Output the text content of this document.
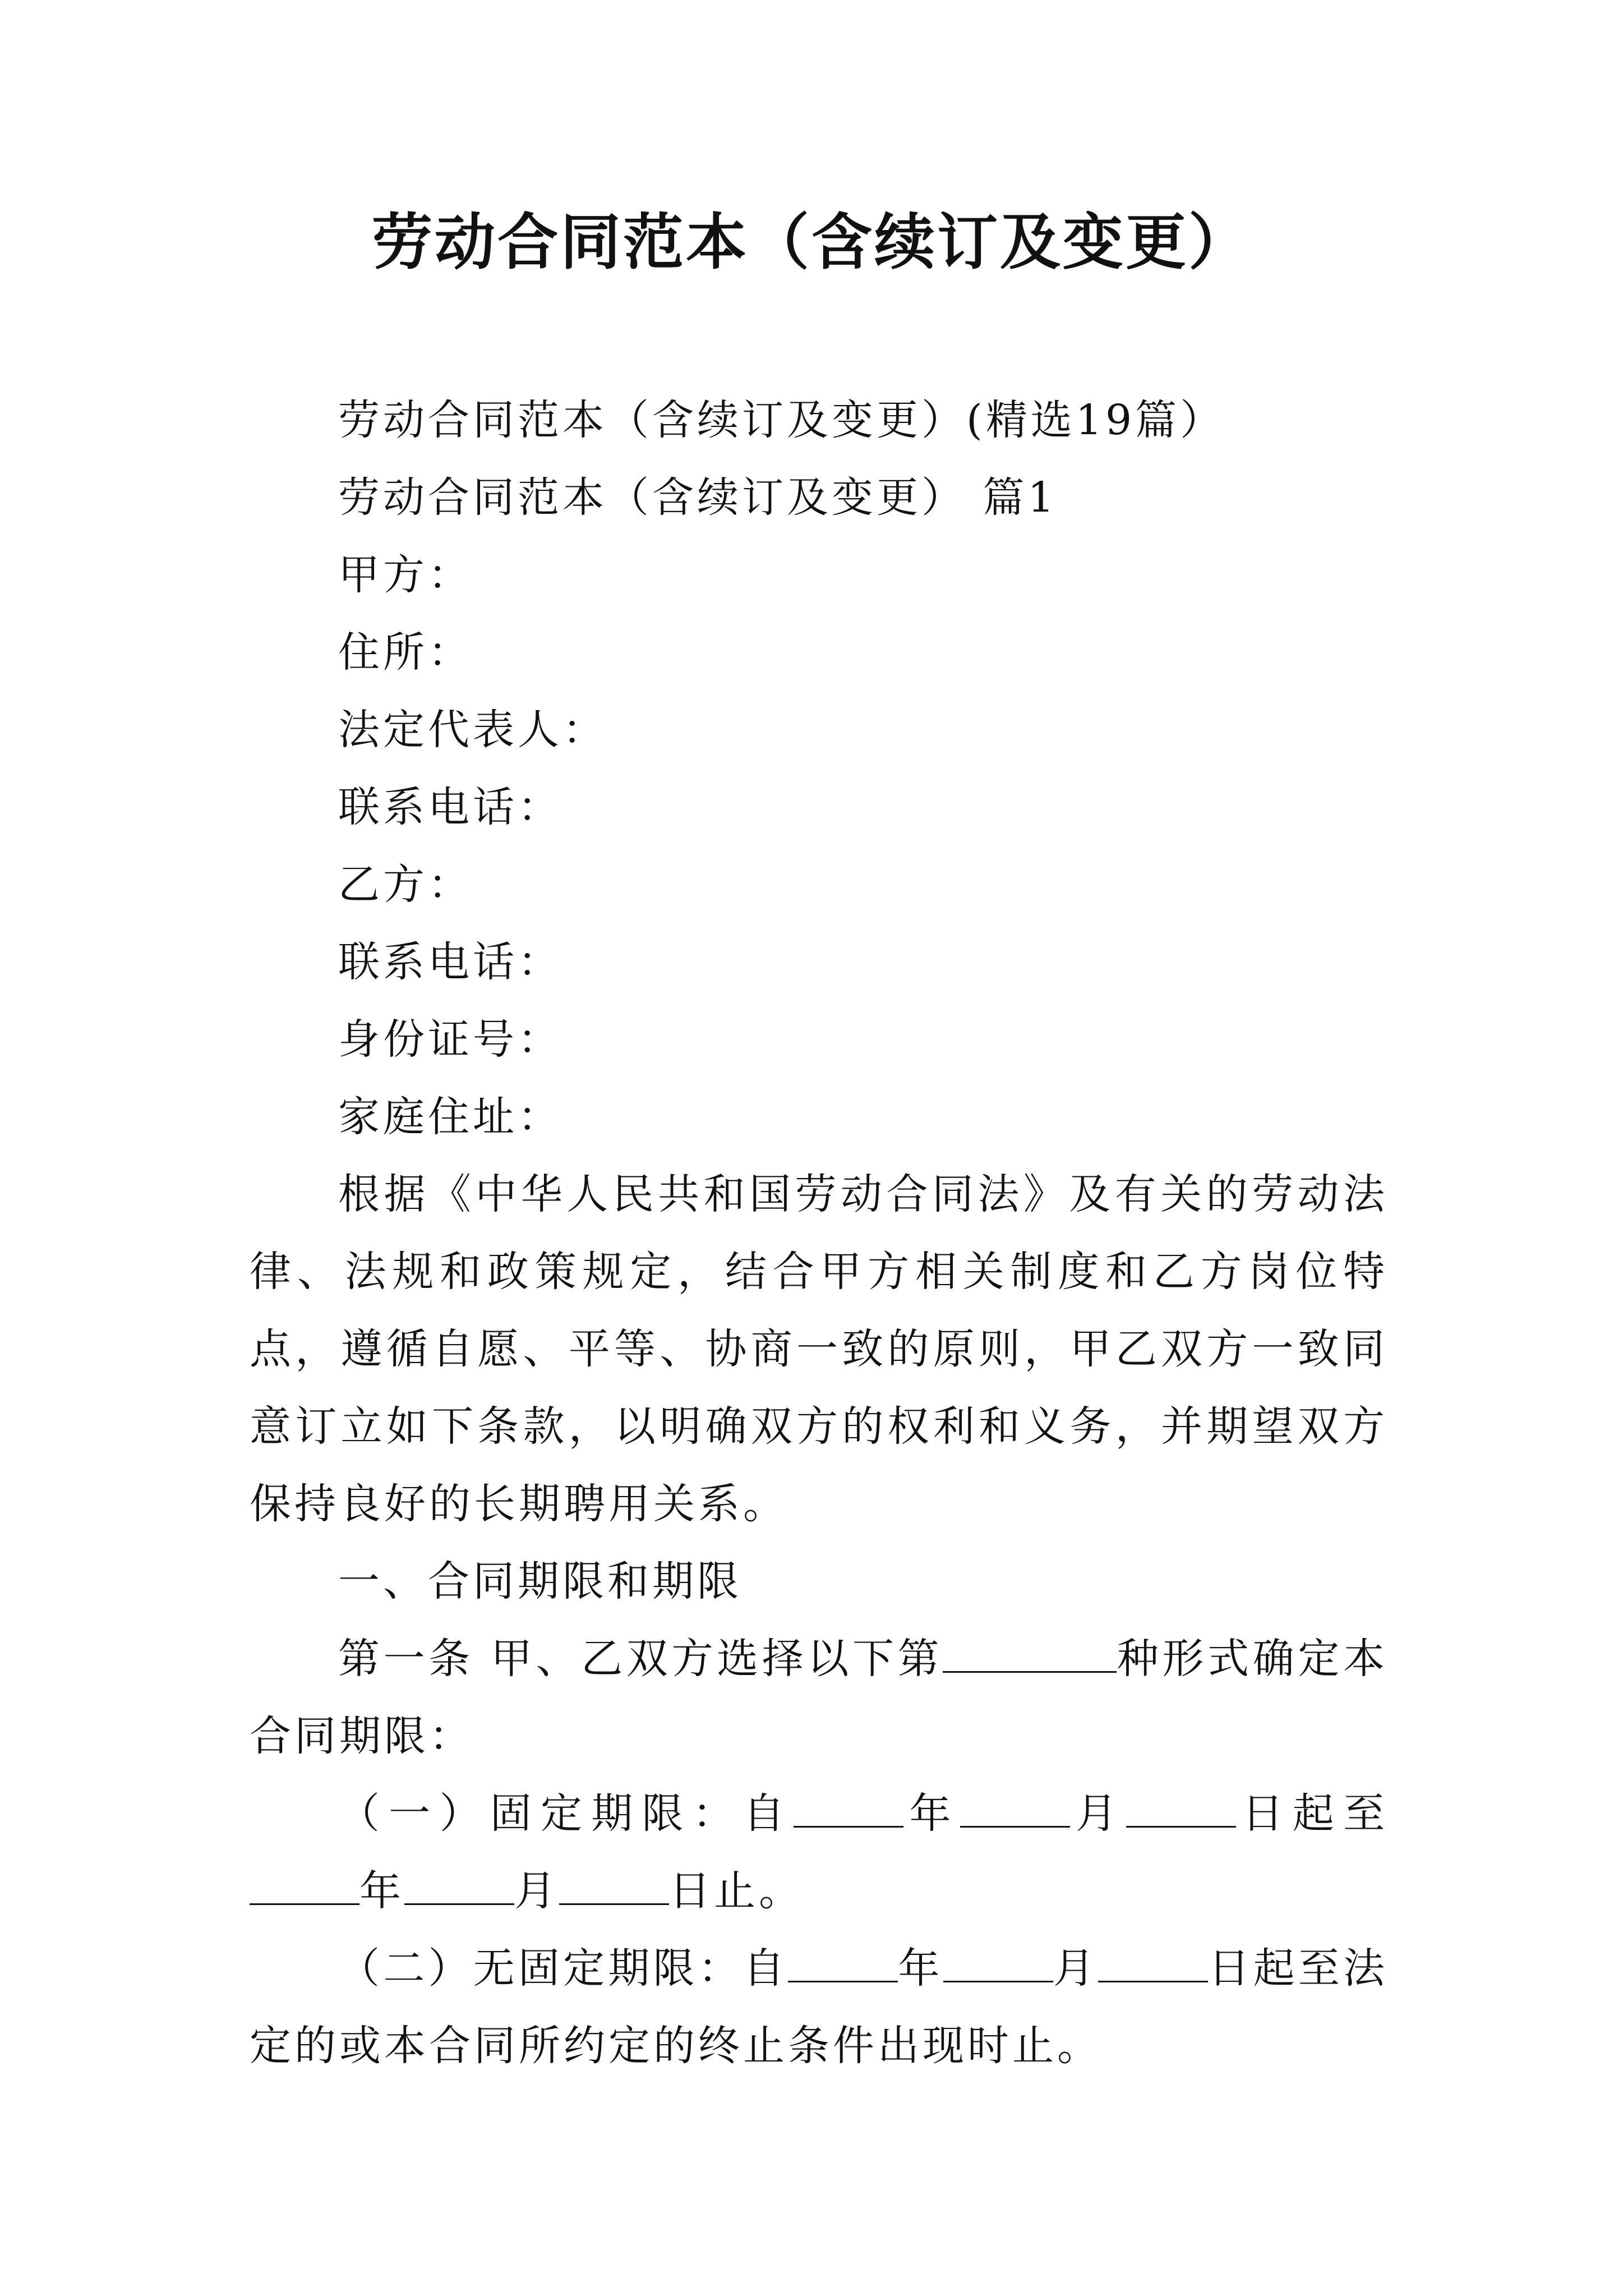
劳动合同范本（含续订及变更）

劳动合同范本（含续订及变更）(精选19篇）

劳动合同范本（含续订及变更） 篇1

甲方：

住所：

法定代表人：

联系电话：

乙方：

联系电话：

身份证号：

家庭住址：

根据《中华人民共和国劳动合同法》及有关的劳动法律、法规和政策规定，结合甲方相关制度和乙方岗位特点，遵循自愿、平等、协商一致的原则，甲乙双方一致同意订立如下条款，以明确双方的权利和义务，并期望双方保持良好的长期聘用关系。

一、合同期限和期限

第一条 甲、乙双方选择以下第	种形式确定本合同期限：

（一）固定期限：自	年	月	日起至年	月	日止。

（二）无固定期限：自	年	月	日起至法定的或本合同所约定的终止条件出现时止。
